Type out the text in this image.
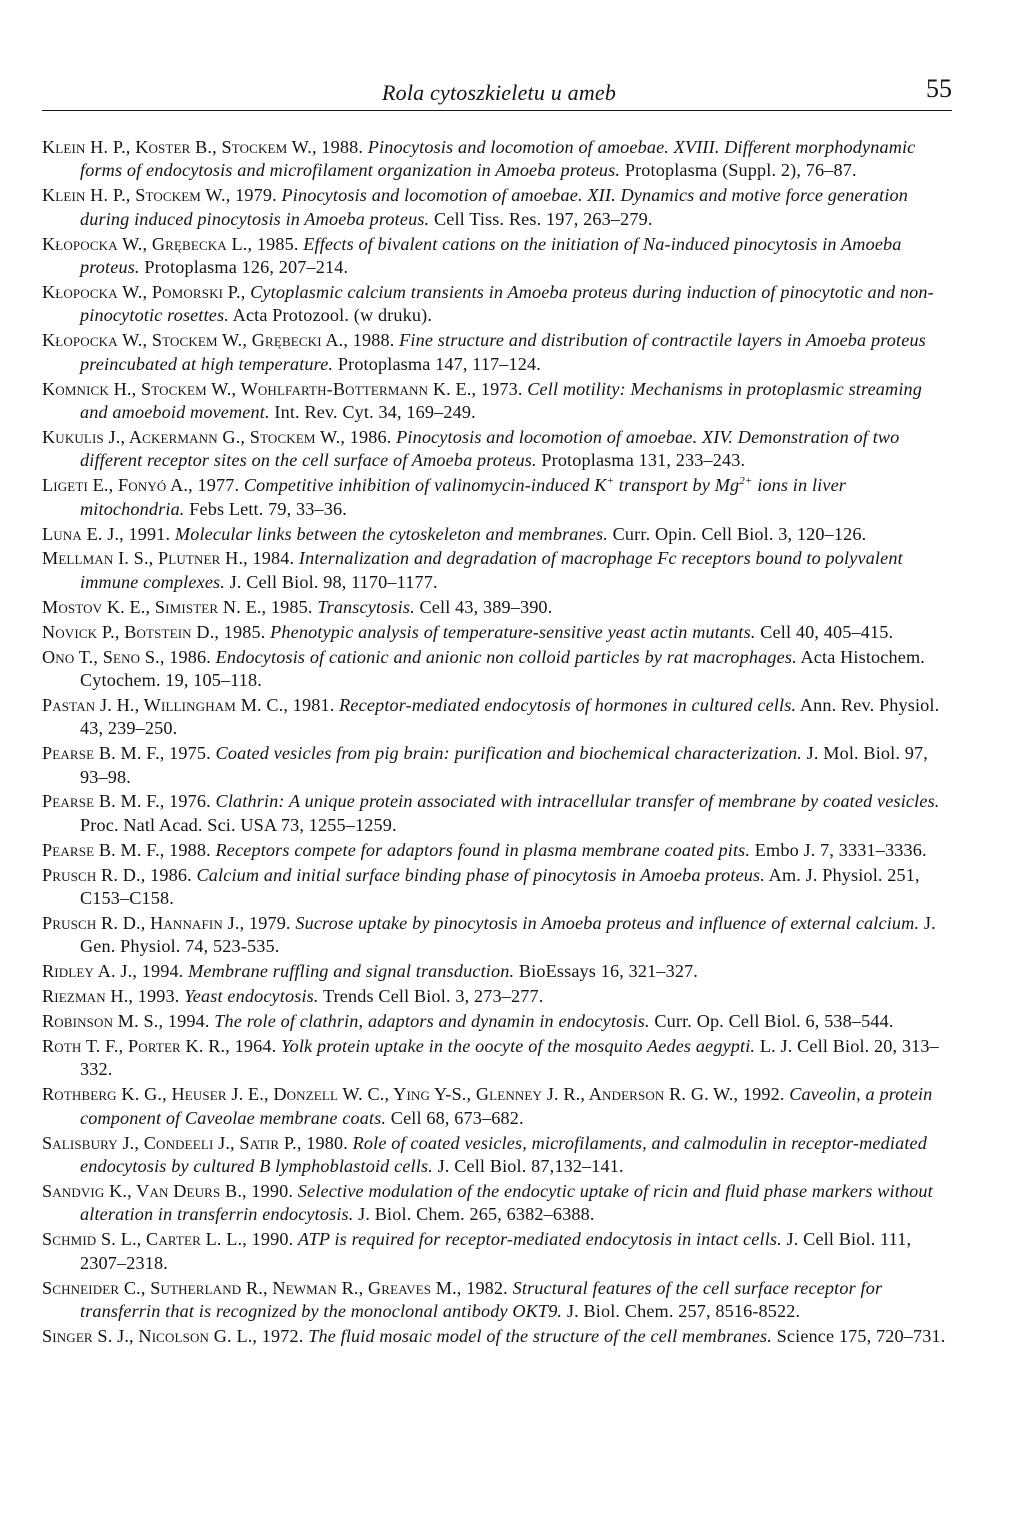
Rola cytoszkieletu u ameb	55

Klein H. P., Koster B., Stockem W., 1988. Pinocytosis and locomotion of amoebae. XVIII. Different morphodynamic forms of endocytosis and microfilament organization in Amoeba proteus. Protoplasma (Suppl. 2), 76–87.

Klein H. P., Stockem W., 1979. Pinocytosis and locomotion of amoebae. XII. Dynamics and motive force generation during induced pinocytosis in Amoeba proteus. Cell Tiss. Res. 197, 263–279.

Kłopocka W., Grębecka L., 1985. Effects of bivalent cations on the initiation of Na-induced pinocytosis in Amoeba proteus. Protoplasma 126, 207–214.

Kłopocka W., Pomorski P., Cytoplasmic calcium transients in Amoeba proteus during induction of pinocytotic and non-pinocytotic rosettes. Acta Protozool. (w druku).

Kłopocka W., Stockem W., Grębecki A., 1988. Fine structure and distribution of contractile layers in Amoeba proteus preincubated at high temperature. Protoplasma 147, 117–124.

Komnick H., Stockem W., Wohlfarth-Bottermann K. E., 1973. Cell motility: Mechanisms in protoplasmic streaming and amoeboid movement. Int. Rev. Cyt. 34, 169–249.

Kukulis J., Ackermann G., Stockem W., 1986. Pinocytosis and locomotion of amoebae. XIV. Demonstration of two different receptor sites on the cell surface of Amoeba proteus. Protoplasma 131, 233–243.

Ligeti E., Fonyó A., 1977. Competitive inhibition of valinomycin-induced K+ transport by $Mg^{2+}$ ions in liver mitochondria. Febs Lett. 79, 33–36.

Luna E. J., 1991. Molecular links between the cytoskeleton and membranes. Curr. Opin. Cell Biol. 3, 120–126.

Mellman I. S., Plutner H., 1984. Internalization and degradation of macrophage Fc receptors bound to polyvalent immune complexes. J. Cell Biol. 98, 1170–1177.

Mostov K. E., Simister N. E., 1985. Transcytosis. Cell 43, 389–390.

Novick P., Botstein D., 1985. Phenotypic analysis of temperature-sensitive yeast actin mutants. Cell 40, 405–415.

Ono T., Seno S., 1986. Endocytosis of cationic and anionic non colloid particles by rat macrophages. Acta Histochem. Cytochem. 19, 105–118.

Pastan J. H., Willingham M. C., 1981. Receptor-mediated endocytosis of hormones in cultured cells. Ann. Rev. Physiol. 43, 239–250.

Pearse B. M. F., 1975. Coated vesicles from pig brain: purification and biochemical characterization. J. Mol. Biol. 97, 93–98.

Pearse B. M. F., 1976. Clathrin: A unique protein associated with intracellular transfer of membrane by coated vesicles. Proc. Natl Acad. Sci. USA 73, 1255–1259.

Pearse B. M. F., 1988. Receptors compete for adaptors found in plasma membrane coated pits. Embo J. 7, 3331–3336.

Prusch R. D., 1986. Calcium and initial surface binding phase of pinocytosis in Amoeba proteus. Am. J. Physiol. 251, C153–C158.

Prusch R. D., Hannafin J., 1979. Sucrose uptake by pinocytosis in Amoeba proteus and influence of external calcium. J. Gen. Physiol. 74, 523-535.

Ridley A. J., 1994. Membrane ruffling and signal transduction. BioEssays 16, 321–327.

Riezman H., 1993. Yeast endocytosis. Trends Cell Biol. 3, 273–277.

Robinson M. S., 1994. The role of clathrin, adaptors and dynamin in endocytosis. Curr. Op. Cell Biol. 6, 538–544.

Roth T. F., Porter K. R., 1964. Yolk protein uptake in the oocyte of the mosquito Aedes aegypti. L. J. Cell Biol. 20, 313–332.

Rothberg K. G., Heuser J. E., Donzell W. C., Ying Y-S., Glenney J. R., Anderson R. G. W., 1992. Caveolin, a protein component of Caveolae membrane coats. Cell 68, 673–682.

Salisbury J., Condeeli J., Satir P., 1980. Role of coated vesicles, microfilaments, and calmodulin in receptor-mediated endocytosis by cultured B lymphoblastoid cells. J. Cell Biol. 87,132–141.

Sandvig K., Van Deurs B., 1990. Selective modulation of the endocytic uptake of ricin and fluid phase markers without alteration in transferrin endocytosis. J. Biol. Chem. 265, 6382–6388.

Schmid S. L., Carter L. L., 1990. ATP is required for receptor-mediated endocytosis in intact cells. J. Cell Biol. 111, 2307–2318.

Schneider C., Sutherland R., Newman R., Greaves M., 1982. Structural features of the cell surface receptor for transferrin that is recognized by the monoclonal antibody OKT9. J. Biol. Chem. 257, 8516-8522.

Singer S. J., Nicolson G. L., 1972. The fluid mosaic model of the structure of the cell membranes. Science 175, 720–731.
